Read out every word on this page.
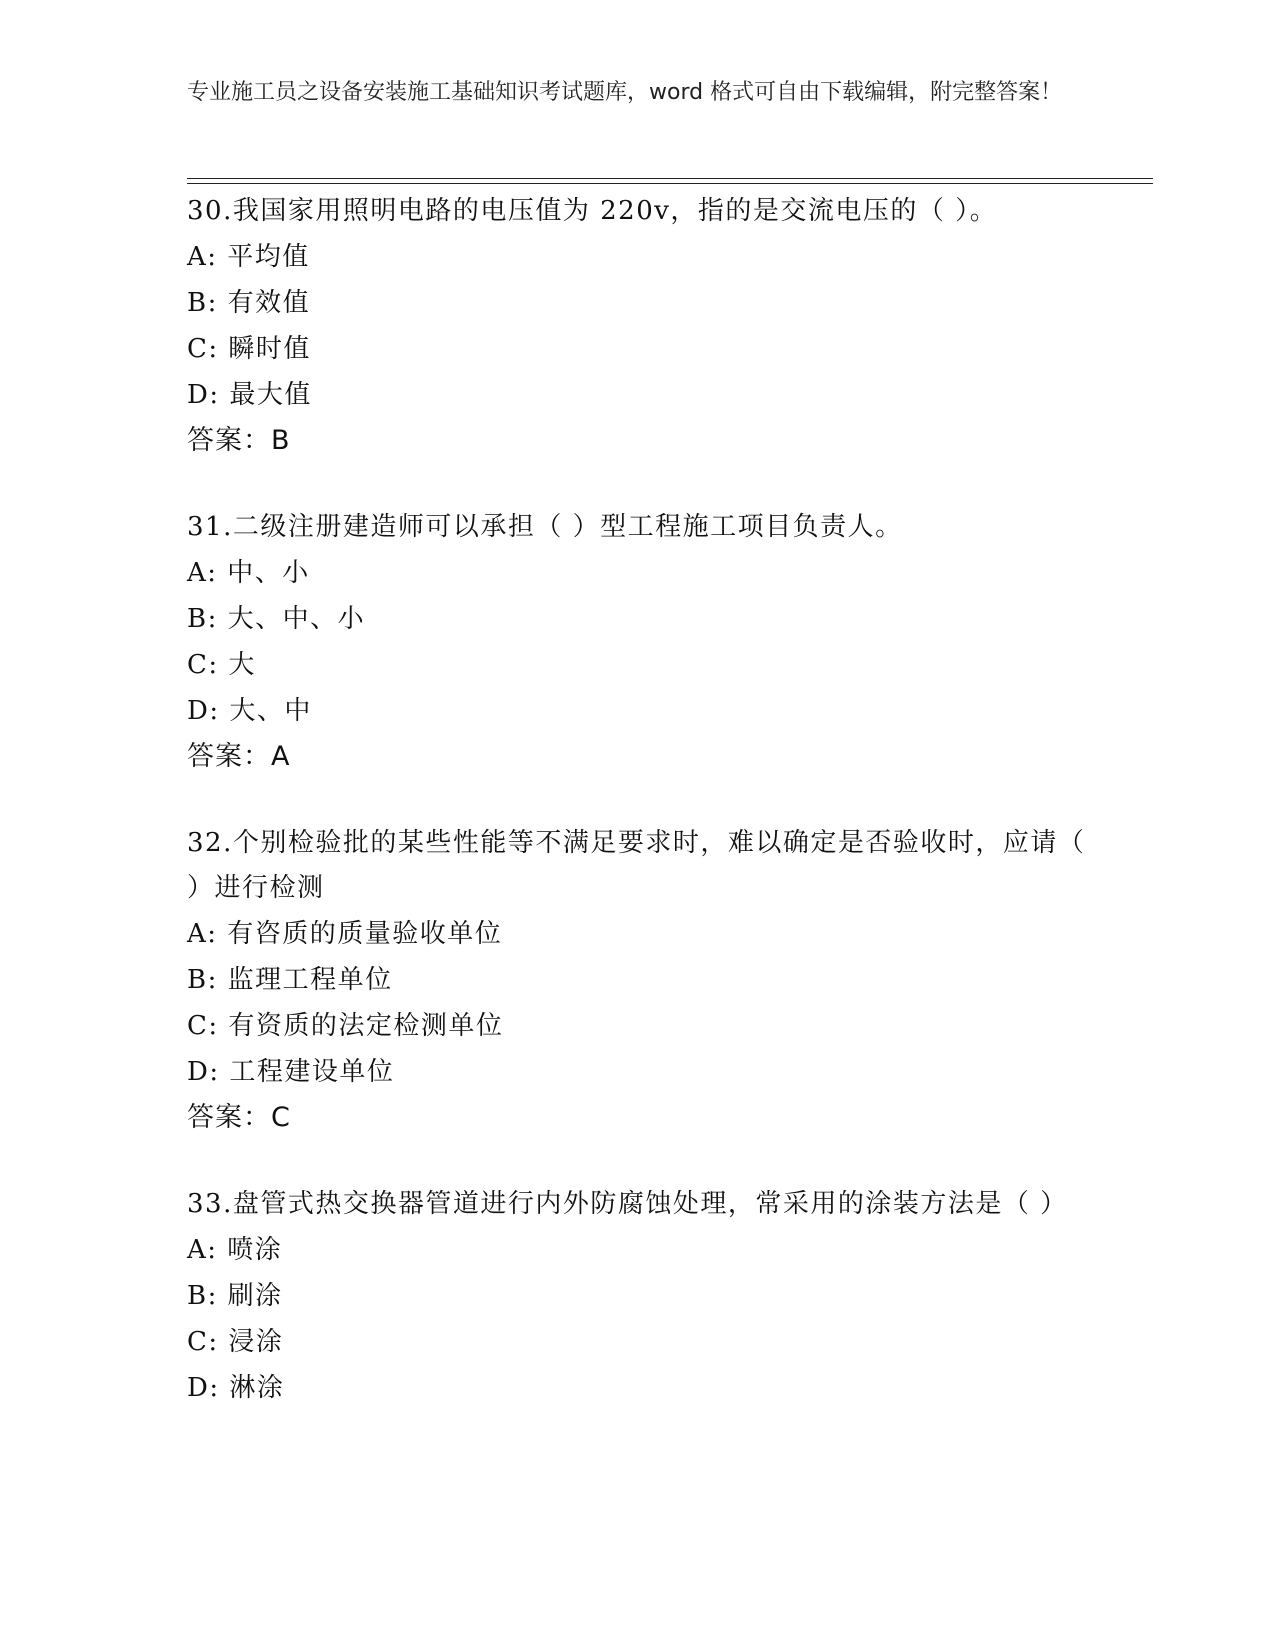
专业施工员之设备安装施工基础知识考试题库，word 格式可自由下载编辑，附完整答案！
30.我国家用照明电路的电压值为 220v，指的是交流电压的（ ）。
A: 平均值
B: 有效值
C: 瞬时值
D: 最大值
答案：B
31.二级注册建造师可以承担（ ）型工程施工项目负责人。
A: 中、小
B: 大、中、小
C: 大
D: 大、中
答案：A
32.个别检验批的某些性能等不满足要求时，难以确定是否验收时，应请（ ）进行检测
A: 有咨质的质量验收单位
B: 监理工程单位
C: 有资质的法定检测单位
D: 工程建设单位
答案：C
33.盘管式热交换器管道进行内外防腐蚀处理，常采用的涂装方法是（ ）
A: 喷涂
B: 刷涂
C: 浸涂
D: 淋涂
